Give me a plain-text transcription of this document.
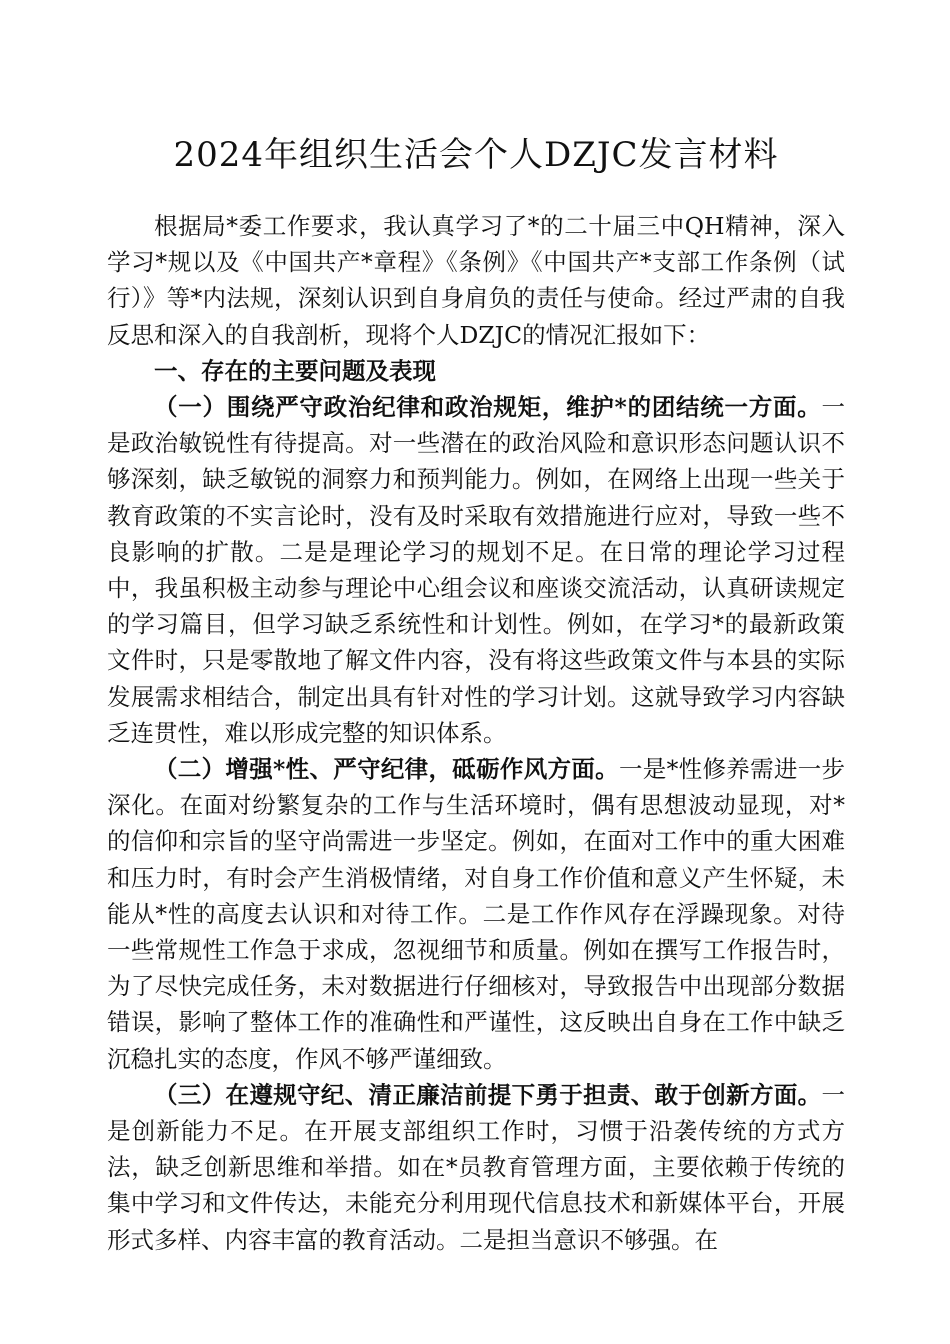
2024年组织生活会个人DZJC发言材料

根据局*委工作要求，我认真学习了*的二十届三中QH精神，深入学习*规以及《中国共产*章程》《条例》《中国共产*支部工作条例（试行）》等*内法规，深刻认识到自身肩负的责任与使命。经过严肃的自我反思和深入的自我剖析，现将个人DZJC的情况汇报如下：

一、存在的主要问题及表现

（一）围绕严守政治纪律和政治规矩，维护*的团结统一方面。一是政治敏锐性有待提高。对一些潜在的政治风险和意识形态问题认识不够深刻，缺乏敏锐的洞察力和预判能力。例如，在网络上出现一些关于教育政策的不实言论时，没有及时采取有效措施进行应对，导致一些不良影响的扩散。二是是理论学习的规划不足。在日常的理论学习过程中，我虽积极主动参与理论中心组会议和座谈交流活动，认真研读规定的学习篇目，但学习缺乏系统性和计划性。例如，在学习*的最新政策文件时，只是零散地了解文件内容，没有将这些政策文件与本县的实际发展需求相结合，制定出具有针对性的学习计划。这就导致学习内容缺乏连贯性，难以形成完整的知识体系。

（二）增强*性、严守纪律，砥砺作风方面。一是*性修养需进一步深化。在面对纷繁复杂的工作与生活环境时，偶有思想波动显现，对*的信仰和宗旨的坚守尚需进一步坚定。例如，在面对工作中的重大困难和压力时，有时会产生消极情绪，对自身工作价值和意义产生怀疑，未能从*性的高度去认识和对待工作。二是工作作风存在浮躁现象。对待一些常规性工作急于求成，忽视细节和质量。例如在撰写工作报告时，为了尽快完成任务，未对数据进行仔细核对，导致报告中出现部分数据错误，影响了整体工作的准确性和严谨性，这反映出自身在工作中缺乏沉稳扎实的态度，作风不够严谨细致。

（三）在遵规守纪、清正廉洁前提下勇于担责、敢于创新方面。一是创新能力不足。在开展支部组织工作时，习惯于沿袭传统的方式方法，缺乏创新思维和举措。如在*员教育管理方面，主要依赖于传统的集中学习和文件传达，未能充分利用现代信息技术和新媒体平台，开展形式多样、内容丰富的教育活动。二是担当意识不够强。在
